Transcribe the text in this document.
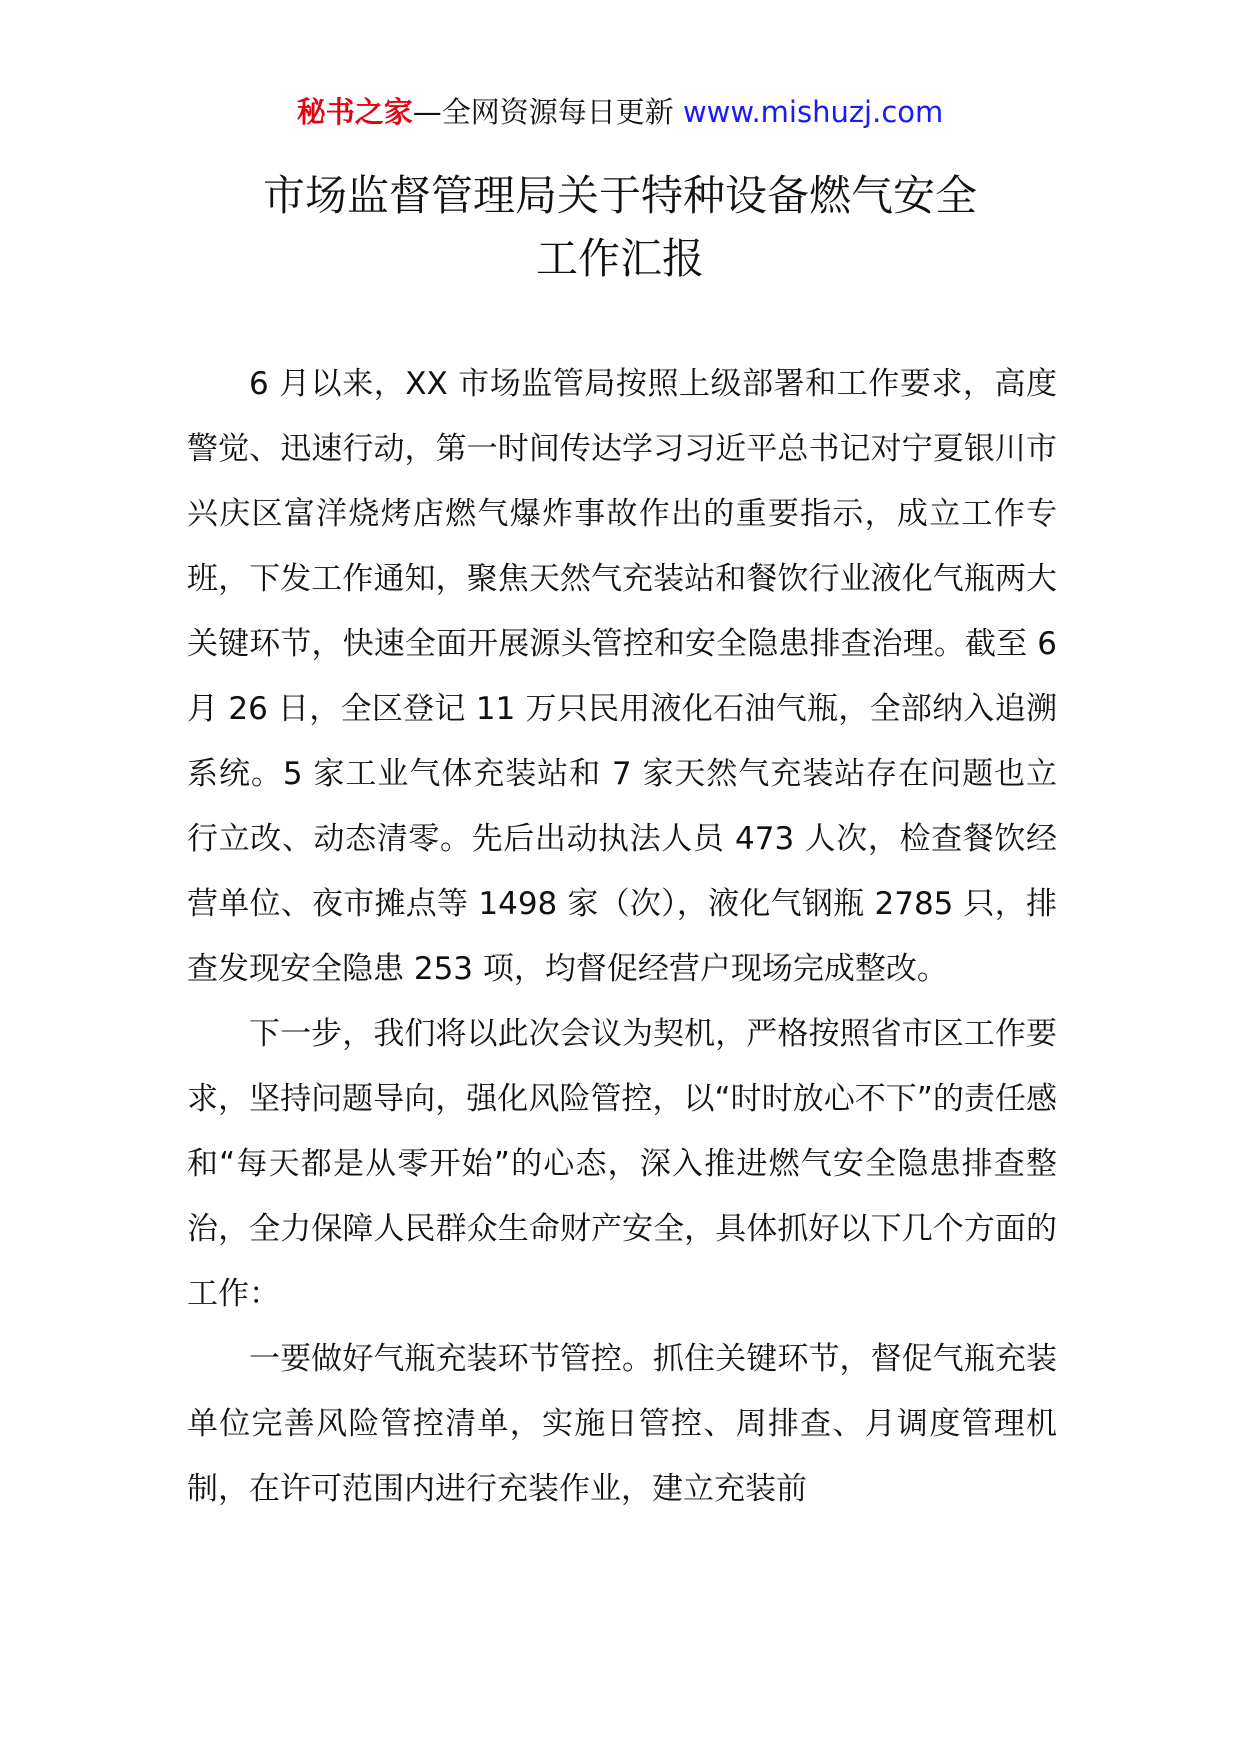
秘书之家—全网资源每日更新 www.mishuzj.com
市场监督管理局关于特种设备燃气安全
工作汇报

6 月以来，XX 市场监管局按照上级部署和工作要求，高度警觉、迅速行动，第一时间传达学习习近平总书记对宁夏银川市兴庆区富洋烧烤店燃气爆炸事故作出的重要指示，成立工作专班，下发工作通知，聚焦天然气充装站和餐饮行业液化气瓶两大关键环节，快速全面开展源头管控和安全隐患排查治理。截至 6 月 26 日，全区登记 11 万只民用液化石油气瓶，全部纳入追溯系统。5 家工业气体充装站和 7 家天然气充装站存在问题也立行立改、动态清零。先后出动执法人员 473 人次，检查餐饮经营单位、夜市摊点等 1498 家（次），液化气钢瓶 2785 只，排查发现安全隐患 253 项，均督促经营户现场完成整改。

下一步，我们将以此次会议为契机，严格按照省市区工作要求，坚持问题导向，强化风险管控，以“时时放心不下”的责任感和“每天都是从零开始”的心态，深入推进燃气安全隐患排查整治，全力保障人民群众生命财产安全，具体抓好以下几个方面的工作：

一要做好气瓶充装环节管控。抓住关键环节，督促气瓶充装单位完善风险管控清单，实施日管控、周排查、月调度管理机制，在许可范围内进行充装作业，建立充装前
